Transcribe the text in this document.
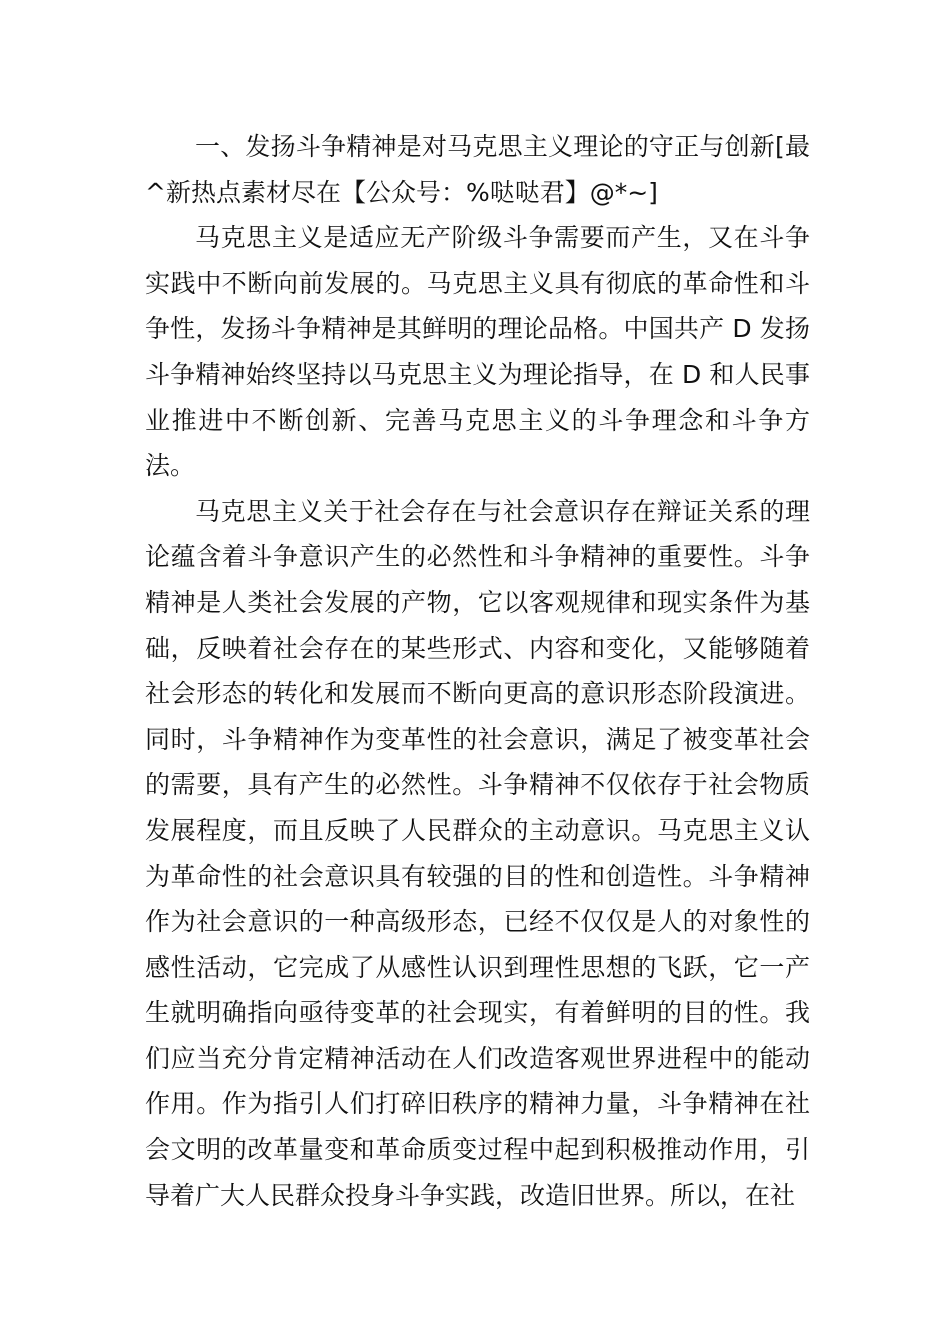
一、发扬斗争精神是对马克思主义理论的守正与创新[最^新热点素材尽在【公众号：%哒哒君】@*~]

马克思主义是适应无产阶级斗争需要而产生，又在斗争实践中不断向前发展的。马克思主义具有彻底的革命性和斗争性，发扬斗争精神是其鲜明的理论品格。中国共产 D 发扬斗争精神始终坚持以马克思主义为理论指导，在 D 和人民事业推进中不断创新、完善马克思主义的斗争理念和斗争方法。

马克思主义关于社会存在与社会意识存在辩证关系的理论蕴含着斗争意识产生的必然性和斗争精神的重要性。斗争精神是人类社会发展的产物，它以客观规律和现实条件为基础，反映着社会存在的某些形式、内容和变化，又能够随着社会形态的转化和发展而不断向更高的意识形态阶段演进。同时，斗争精神作为变革性的社会意识，满足了被变革社会的需要，具有产生的必然性。斗争精神不仅依存于社会物质发展程度，而且反映了人民群众的主动意识。马克思主义认为革命性的社会意识具有较强的目的性和创造性。斗争精神作为社会意识的一种高级形态，已经不仅仅是人的对象性的感性活动，它完成了从感性认识到理性思想的飞跃，它一产生就明确指向亟待变革的社会现实，有着鲜明的目的性。我们应当充分肯定精神活动在人们改造客观世界进程中的能动作用。作为指引人们打碎旧秩序的精神力量，斗争精神在社会文明的改革量变和革命质变过程中起到积极推动作用，引导着广大人民群众投身斗争实践，改造旧世界。所以，在社
